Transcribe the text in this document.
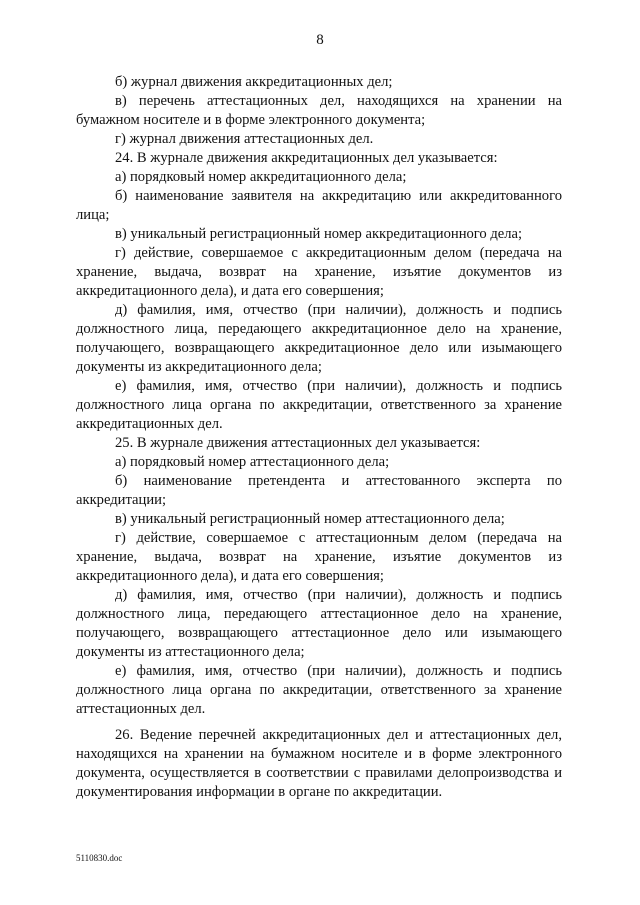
8

б) журнал движения аккредитационных дел;

в) перечень аттестационных дел, находящихся на хранении на бумажном носителе и в форме электронного документа;

г) журнал движения аттестационных дел.

24. В журнале движения аккредитационных дел указывается:

а) порядковый номер аккредитационного дела;

б) наименование заявителя на аккредитацию или аккредитованного лица;

в) уникальный регистрационный номер аккредитационного дела;

г) действие, совершаемое с аккредитационным делом (передача на хранение, выдача, возврат на хранение, изъятие документов из аккредитационного дела), и дата его совершения;

д) фамилия, имя, отчество (при наличии), должность и подпись должностного лица, передающего аккредитационное дело на хранение, получающего, возвращающего аккредитационное дело или изымающего документы из аккредитационного дела;

е) фамилия, имя, отчество (при наличии), должность и подпись должностного лица органа по аккредитации, ответственного за хранение аккредитационных дел.

25. В журнале движения аттестационных дел указывается:

а) порядковый номер аттестационного дела;

б) наименование претендента и аттестованного эксперта по аккредитации;

в) уникальный регистрационный номер аттестационного дела;

г) действие, совершаемое с аттестационным делом (передача на хранение, выдача, возврат на хранение, изъятие документов из аккредитационного дела), и дата его совершения;

д) фамилия, имя, отчество (при наличии), должность и подпись должностного лица, передающего аттестационное дело на хранение, получающего, возвращающего аттестационное дело или изымающего документы из аттестационного дела;

е) фамилия, имя, отчество (при наличии), должность и подпись должностного лица органа по аккредитации, ответственного за хранение аттестационных дел.

26. Ведение перечней аккредитационных дел и аттестационных дел, находящихся на хранении на бумажном носителе и в форме электронного документа, осуществляется в соответствии с правилами делопроизводства и документирования информации в органе по аккредитации.

5110830.doc
